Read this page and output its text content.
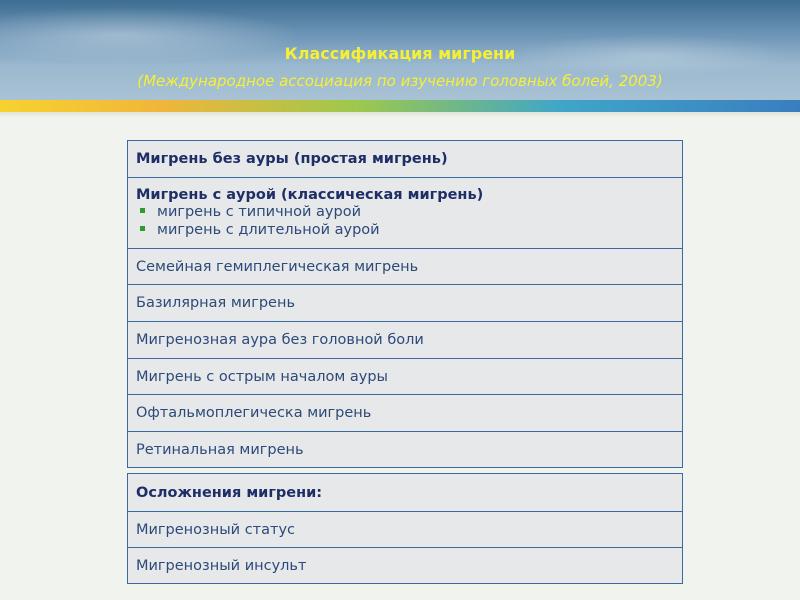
Классификация мигрени
(Международное ассоциация по изучению головных болей, 2003)
Мигрень без ауры (простая мигрень)
Мигрень с аурой (классическая мигрень)
мигрень с типичной аурой
мигрень с длительной аурой
Семейная гемиплегическая мигрень
Базилярная мигрень
Мигренозная аура без головной боли
Мигрень с острым началом ауры
Офтальмоплегическа мигрень
Ретинальная мигрень
Осложнения мигрени:
Мигренозный статус
Мигренозный инсульт
